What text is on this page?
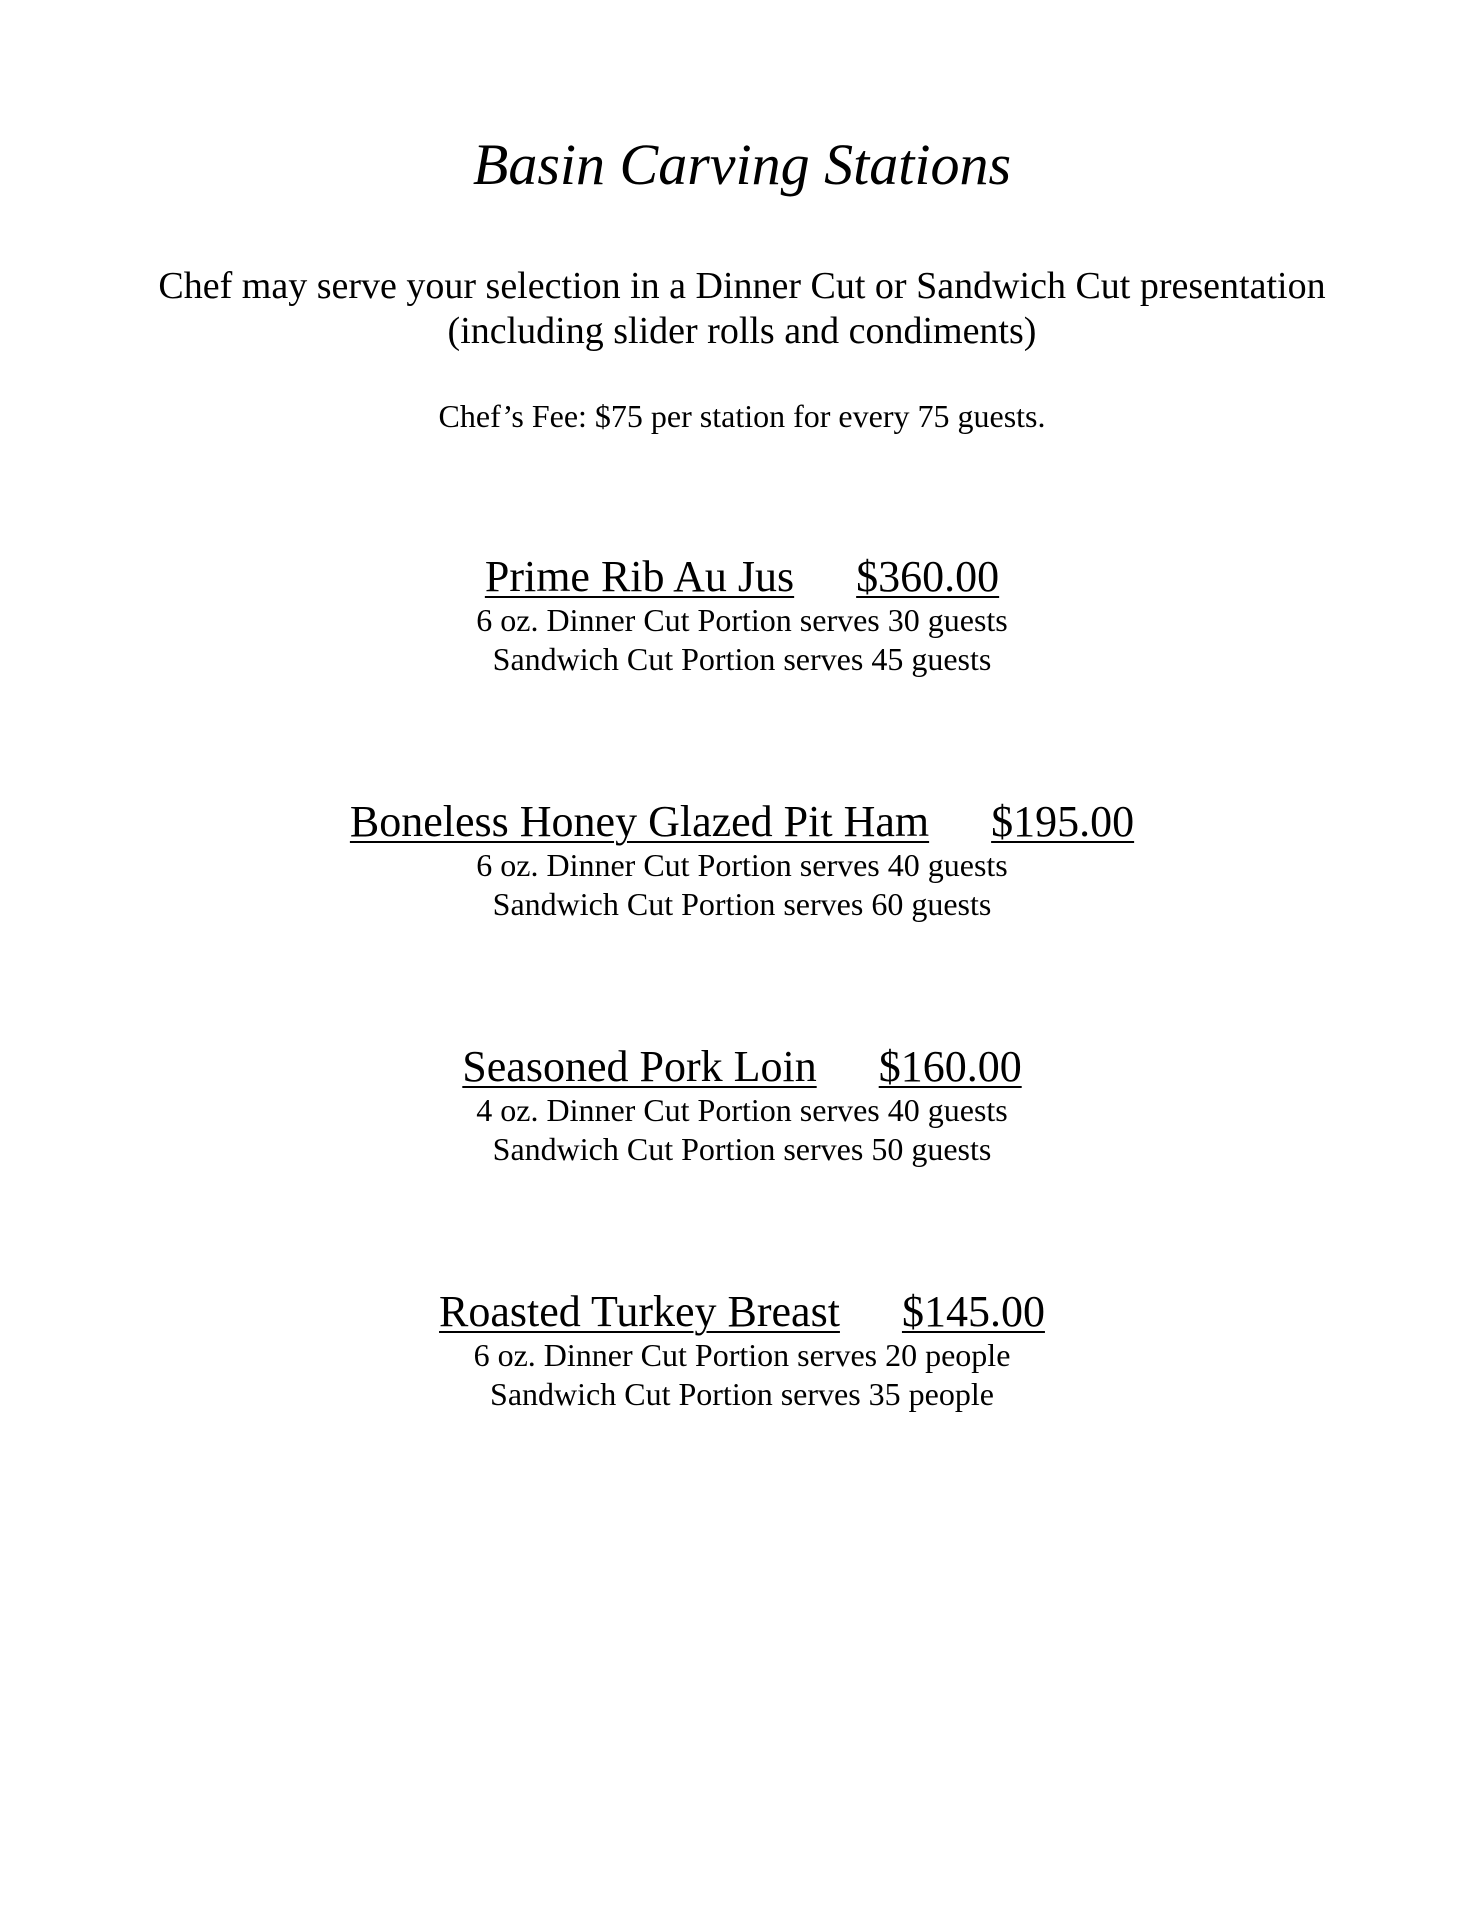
Basin Carving Stations
Chef may serve your selection in a Dinner Cut or Sandwich Cut presentation
(including slider rolls and condiments)
Chef’s Fee: $75 per station for every 75 guests.
Prime Rib Au Jus $360.00
6 oz. Dinner Cut Portion serves 30 guests
Sandwich Cut Portion serves 45 guests
Boneless Honey Glazed Pit Ham $195.00
6 oz. Dinner Cut Portion serves 40 guests
Sandwich Cut Portion serves 60 guests
Seasoned Pork Loin $160.00
4 oz. Dinner Cut Portion serves 40 guests
Sandwich Cut Portion serves 50 guests
Roasted Turkey Breast $145.00
6 oz. Dinner Cut Portion serves 20 people
Sandwich Cut Portion serves 35 people
